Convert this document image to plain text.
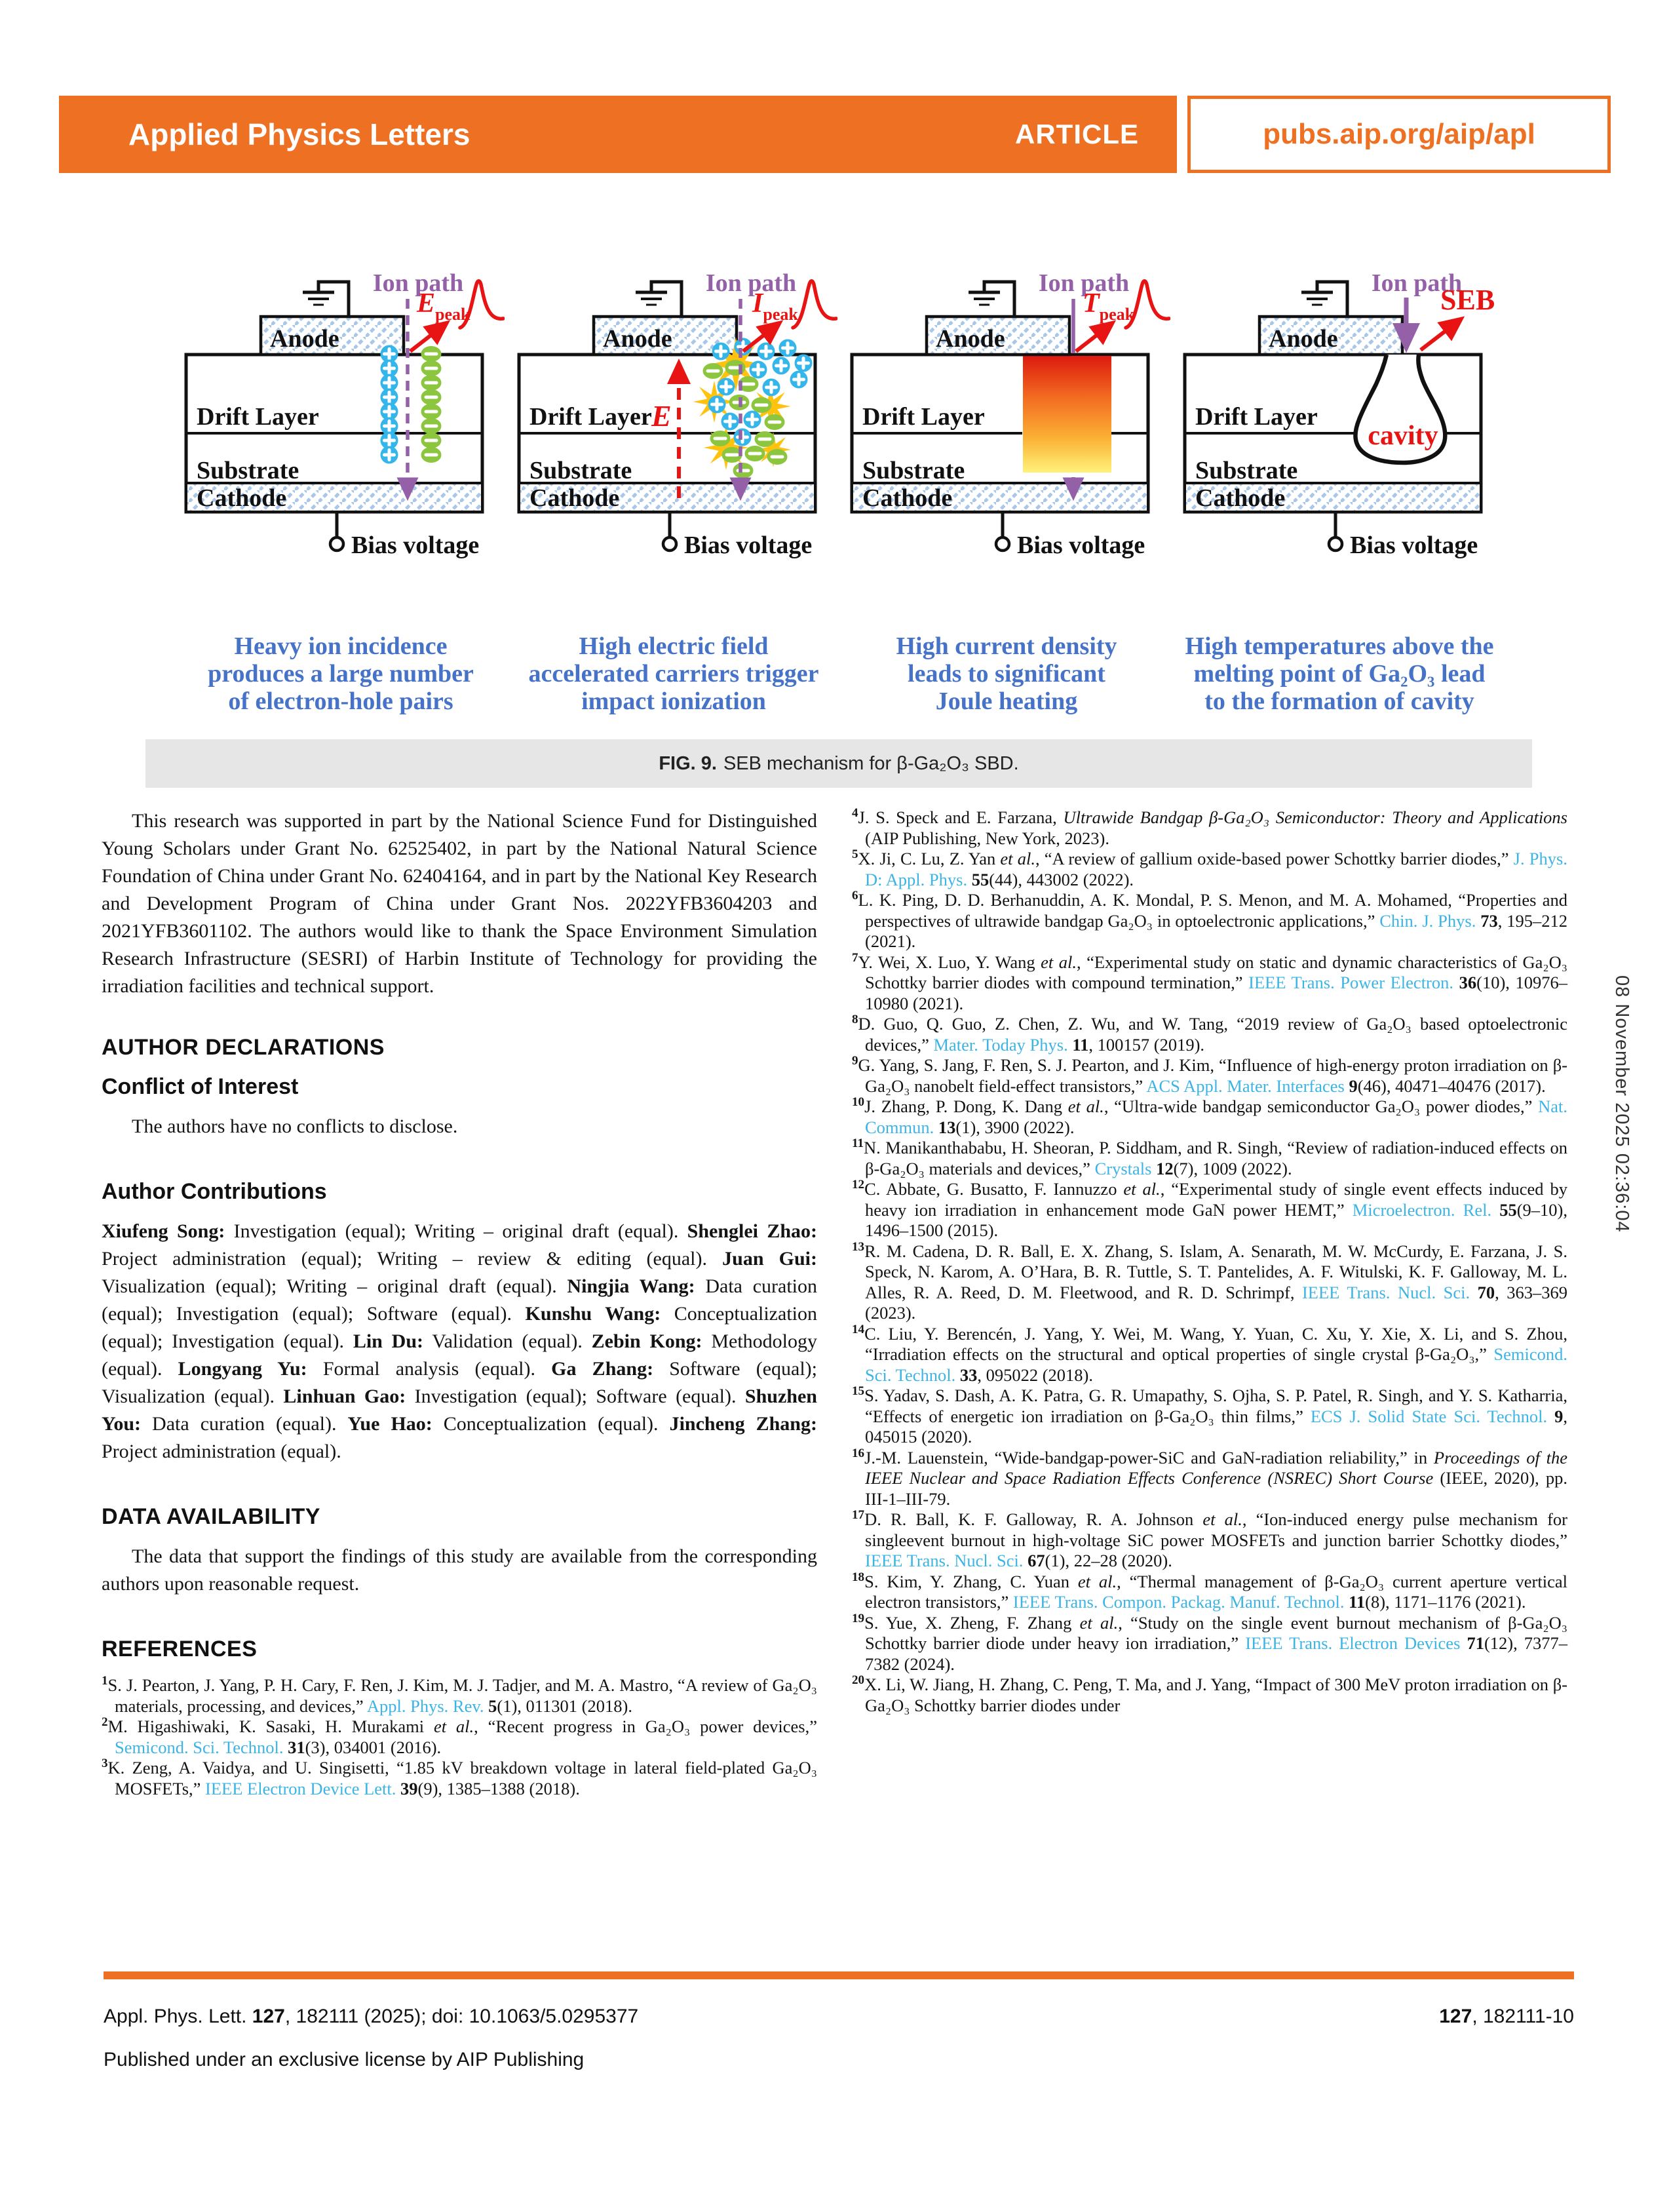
Applied Physics Letters	ARTICLE	pubs.aip.org/aip/apl
08 November 2025 02:36:04
Ion path
Anode
Epeak
Drift Layer
Substrate
Cathode
Bias voltage
Heavy ion incidence
produces a large number
of electron-hole pairs
Ion path
Anode
E
Ipeak
Drift Layer
Substrate
Cathode
Bias voltage
High electric field
accelerated carriers trigger
impact ionization
Ion path
Anode
Tpeak
Drift Layer
Substrate
Cathode
Bias voltage
High current density
leads to significant
Joule heating
Ion path
Anode
cavity
SEB
Drift Layer
Substrate
Cathode
Bias voltage
High temperatures above the
melting point of Ga₂O₃ lead
to the formation of cavity
FIG. 9. SEB mechanism for β-Ga₂O₃ SBD.
This research was supported in part by the National Science Fund for Distinguished Young Scholars under Grant No. 62525402, in part by the National Natural Science Foundation of China under Grant No. 62404164, and in part by the National Key Research and Development Program of China under Grant Nos. 2022YFB3604203 and 2021YFB3601102. The authors would like to thank the Space Environment Simulation Research Infrastructure (SESRI) of Harbin Institute of Technology for providing the irradiation facilities and technical support.
AUTHOR DECLARATIONS
Conflict of Interest
The authors have no conflicts to disclose.
Author Contributions
Xiufeng Song: Investigation (equal); Writing – original draft (equal). Shenglei Zhao: Project administration (equal); Writing – review & editing (equal). Juan Gui: Visualization (equal); Writing – original draft (equal). Ningjia Wang: Data curation (equal); Investigation (equal); Software (equal). Kunshu Wang: Conceptualization (equal); Investigation (equal). Lin Du: Validation (equal). Zebin Kong: Methodology (equal). Longyang Yu: Formal analysis (equal). Ga Zhang: Software (equal); Visualization (equal). Linhuan Gao: Investigation (equal); Software (equal). Shuzhen You: Data curation (equal). Yue Hao: Conceptualization (equal). Jincheng Zhang: Project administration (equal).
DATA AVAILABILITY
The data that support the findings of this study are available from the corresponding authors upon reasonable request.
REFERENCES
$^1$S. J. Pearton, J. Yang, P. H. Cary, F. Ren, J. Kim, M. J. Tadjer, and M. A. Mastro, “A review of Ga₂O₃ materials, processing, and devices,” Appl. Phys. Rev. 5(1), 011301 (2018).
$^2$M. Higashiwaki, K. Sasaki, H. Murakami et al., “Recent progress in Ga₂O₃ power devices,” Semicond. Sci. Technol. 31(3), 034001 (2016).
$^3$K. Zeng, A. Vaidya, and U. Singisetti, “1.85 kV breakdown voltage in lateral field-plated Ga₂O₃ MOSFETs,” IEEE Electron Device Lett. 39(9), 1385–1388 (2018).
$^4$J. S. Speck and E. Farzana, Ultrawide Bandgap β-Ga₂O₃ Semiconductor: Theory and Applications (AIP Publishing, New York, 2023).
$^5$X. Ji, C. Lu, Z. Yan et al., “A review of gallium oxide-based power Schottky barrier diodes,” J. Phys. D: Appl. Phys. 55(44), 443002 (2022).
$^6$L. K. Ping, D. D. Berhanuddin, A. K. Mondal, P. S. Menon, and M. A. Mohamed, “Properties and perspectives of ultrawide bandgap Ga₂O₃ in optoelectronic applications,” Chin. J. Phys. 73, 195–212 (2021).
$^7$Y. Wei, X. Luo, Y. Wang et al., “Experimental study on static and dynamic characteristics of Ga₂O₃ Schottky barrier diodes with compound termination,” IEEE Trans. Power Electron. 36(10), 10976–10980 (2021).
$^8$D. Guo, Q. Guo, Z. Chen, Z. Wu, and W. Tang, “2019 review of Ga₂O₃ based optoelectronic devices,” Mater. Today Phys. 11, 100157 (2019).
$^9$G. Yang, S. Jang, F. Ren, S. J. Pearton, and J. Kim, “Influence of high-energy proton irradiation on β-Ga₂O₃ nanobelt field-effect transistors,” ACS Appl. Mater. Interfaces 9(46), 40471–40476 (2017).
$^{10}$J. Zhang, P. Dong, K. Dang et al., “Ultra-wide bandgap semiconductor Ga₂O₃ power diodes,” Nat. Commun. 13(1), 3900 (2022).
$^{11}$N. Manikanthababu, H. Sheoran, P. Siddham, and R. Singh, “Review of radiation-induced effects on β-Ga₂O₃ materials and devices,” Crystals 12(7), 1009 (2022).
$^{12}$C. Abbate, G. Busatto, F. Iannuzzo et al., “Experimental study of single event effects induced by heavy ion irradiation in enhancement mode GaN power HEMT,” Microelectron. Rel. 55(9–10), 1496–1500 (2015).
$^{13}$R. M. Cadena, D. R. Ball, E. X. Zhang, S. Islam, A. Senarath, M. W. McCurdy, E. Farzana, J. S. Speck, N. Karom, A. O’Hara, B. R. Tuttle, S. T. Pantelides, A. F. Witulski, K. F. Galloway, M. L. Alles, R. A. Reed, D. M. Fleetwood, and R. D. Schrimpf, IEEE Trans. Nucl. Sci. 70, 363–369 (2023).
$^{14}$C. Liu, Y. Berencén, J. Yang, Y. Wei, M. Wang, Y. Yuan, C. Xu, Y. Xie, X. Li, and S. Zhou, “Irradiation effects on the structural and optical properties of single crystal β-Ga₂O₃,” Semicond. Sci. Technol. 33, 095022 (2018).
$^{15}$S. Yadav, S. Dash, A. K. Patra, G. R. Umapathy, S. Ojha, S. P. Patel, R. Singh, and Y. S. Katharria, “Effects of energetic ion irradiation on β-Ga₂O₃ thin films,” ECS J. Solid State Sci. Technol. 9, 045015 (2020).
$^{16}$J.-M. Lauenstein, “Wide-bandgap-power-SiC and GaN-radiation reliability,” in Proceedings of the IEEE Nuclear and Space Radiation Effects Conference (NSREC) Short Course (IEEE, 2020), pp. III-1–III-79.
$^{17}$D. R. Ball, K. F. Galloway, R. A. Johnson et al., “Ion-induced energy pulse mechanism for singleevent burnout in high-voltage SiC power MOSFETs and junction barrier Schottky diodes,” IEEE Trans. Nucl. Sci. 67(1), 22–28 (2020).
$^{18}$S. Kim, Y. Zhang, C. Yuan et al., “Thermal management of β-Ga₂O₃ current aperture vertical electron transistors,” IEEE Trans. Compon. Packag. Manuf. Technol. 11(8), 1171–1176 (2021).
$^{19}$S. Yue, X. Zheng, F. Zhang et al., “Study on the single event burnout mechanism of β-Ga₂O₃ Schottky barrier diode under heavy ion irradiation,” IEEE Trans. Electron Devices 71(12), 7377–7382 (2024).
$^{20}$X. Li, W. Jiang, H. Zhang, C. Peng, T. Ma, and J. Yang, “Impact of 300 MeV proton irradiation on β-Ga₂O₃ Schottky barrier diodes under
Appl. Phys. Lett. 127, 182111 (2025); doi: 10.1063/5.0295377	127, 182111-10
Published under an exclusive license by AIP Publishing
